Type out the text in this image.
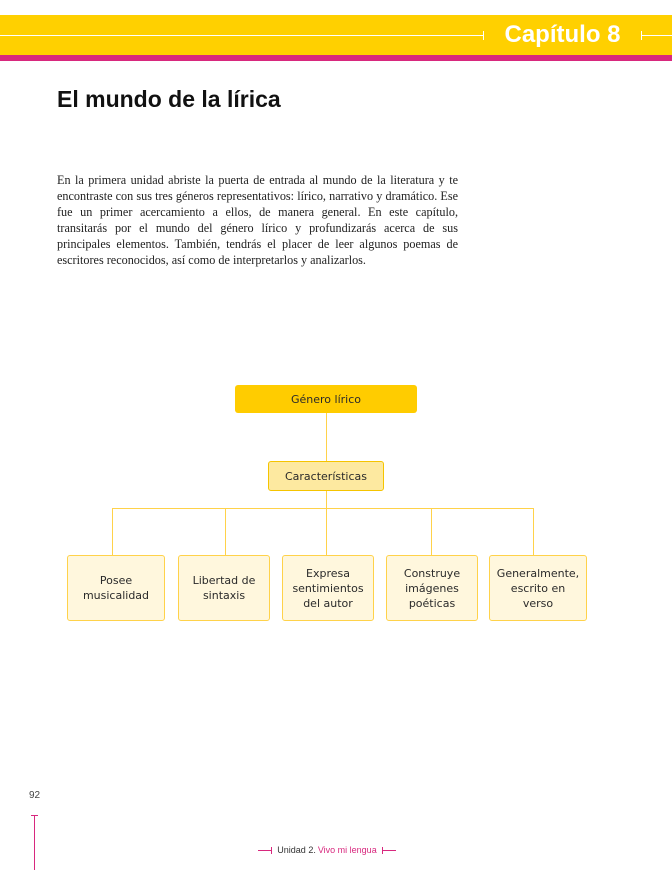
Capítulo 8
El mundo de la lírica

En la primera unidad abriste la puerta de entrada al mundo de la literatura y te encontraste con sus tres géneros representativos: lírico, narrativo y dramático. Ese fue un primer acercamiento a ellos, de manera general. En este capítulo, transitarás por el mundo del género lírico y profundizarás acerca de sus principales elementos. También, tendrás el placer de leer algunos poemas de escritores reconocidos, así como de interpretarlos y analizarlos.

Género lírico
Características
Posee musicalidad
Libertad de sintaxis
Expresa sentimientos del autor
Construye imágenes poéticas
Generalmente, escrito en verso
92
Unidad 2. Vivo mi lengua
